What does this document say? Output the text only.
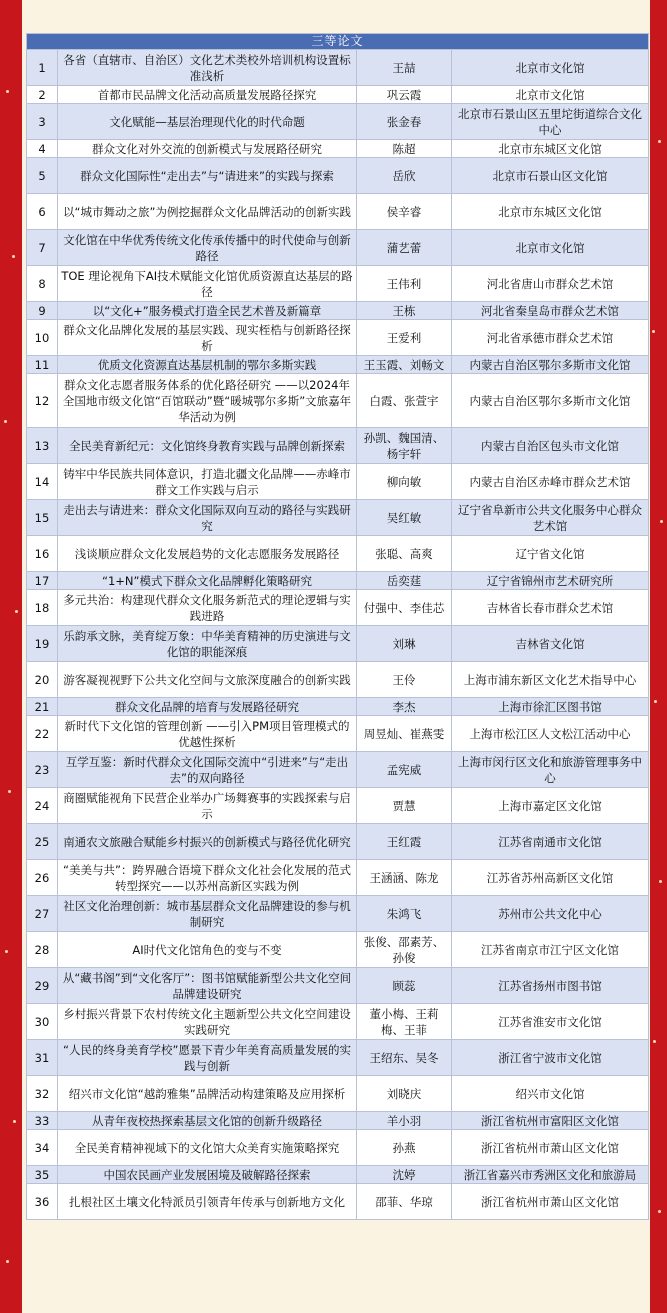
三等论文			
1	各省（直辖市、自治区）文化艺术类校外培训机构设置标准浅析	王喆	北京市文化馆
2	首都市民品牌文化活动高质量发展路径探究	巩云霞	北京市文化馆
3	文化赋能—基层治理现代化的时代命题	张金春	北京市石景山区五里坨街道综合文化中心
4	群众文化对外交流的创新模式与发展路径研究	陈超	北京市东城区文化馆
5	群众文化国际性“走出去”与“请进来”的实践与探索	岳欣	北京市石景山区文化馆
6	以“城市舞动之旅”为例挖掘群众文化品牌活动的创新实践	侯辛睿	北京市东城区文化馆
7	文化馆在中华优秀传统文化传承传播中的时代使命与创新路径	蒲艺蕾	北京市文化馆
8	TOE 理论视角下AI技术赋能文化馆优质资源直达基层的路径	王伟利	河北省唐山市群众艺术馆
9	以“文化+”服务模式打造全民艺术普及新篇章	王栋	河北省秦皇岛市群众艺术馆
10	群众文化品牌化发展的基层实践、现实桎梏与创新路径探析	王爱利	河北省承德市群众艺术馆
11	优质文化资源直达基层机制的鄂尔多斯实践	王玉霞、刘畅文	内蒙古自治区鄂尔多斯市文化馆
12	群众文化志愿者服务体系的优化路径研究 ——以2024年全国地市级文化馆“百馆联动”暨“暖城鄂尔多斯”文旅嘉年华活动为例	白霞、张萱宇	内蒙古自治区鄂尔多斯市文化馆
13	全民美育新纪元：文化馆终身教育实践与品牌创新探索	孙凯、魏国清、杨宇轩	内蒙古自治区包头市文化馆
14	铸牢中华民族共同体意识，打造北疆文化品牌——赤峰市群文工作实践与启示	柳向敏	内蒙古自治区赤峰市群众艺术馆
15	走出去与请进来：群众文化国际双向互动的路径与实践研究	吴红敏	辽宁省阜新市公共文化服务中心群众艺术馆
16	浅谈顺应群众文化发展趋势的文化志愿服务发展路径	张聪、高爽	辽宁省文化馆
17	“1+N”模式下群众文化品牌孵化策略研究	岳奕莛	辽宁省锦州市艺术研究所
18	多元共治：构建现代群众文化服务新范式的理论逻辑与实践进路	付强中、李佳芯	吉林省长春市群众艺术馆
19	乐韵承文脉，美育绽万象：中华美育精神的历史演进与文化馆的职能深痕	刘琳	吉林省文化馆
20	游客凝视视野下公共文化空间与文旅深度融合的创新实践	王伶	上海市浦东新区文化艺术指导中心
21	群众文化品牌的培育与发展路径研究	李杰	上海市徐汇区图书馆
22	新时代下文化馆的管理创新 ——引入PM项目管理模式的优越性探析	周昱灿、崔燕雯	上海市松江区人文松江活动中心
23	互学互鉴：新时代群众文化国际交流中“引进来”与“走出去”的双向路径	孟宪威	上海市闵行区文化和旅游管理事务中心
24	商圈赋能视角下民营企业举办广场舞赛事的实践探索与启示	贾慧	上海市嘉定区文化馆
25	南通农文旅融合赋能乡村振兴的创新模式与路径优化研究	王红霞	江苏省南通市文化馆
26	“美美与共”：跨界融合语境下群众文化社会化发展的范式转型探究——以苏州高新区实践为例	王涵涵、陈龙	江苏省苏州高新区文化馆
27	社区文化治理创新：城市基层群众文化品牌建设的参与机制研究	朱鸿飞	苏州市公共文化中心
28	AI时代文化馆角色的变与不变	张俊、邵素芳、孙俊	江苏省南京市江宁区文化馆
29	从“藏书阁”到“文化客厅”：图书馆赋能新型公共文化空间品牌建设研究	顾蕊	江苏省扬州市图书馆
30	乡村振兴背景下农村传统文化主题新型公共文化空间建设实践研究	董小梅、王莉梅、王菲	江苏省淮安市文化馆
31	“人民的终身美育学校”愿景下青少年美育高质量发展的实践与创新	王绍东、吴冬	浙江省宁波市文化馆
32	绍兴市文化馆“越韵雅集”品牌活动构建策略及应用探析	刘晓庆	绍兴市文化馆
33	从青年夜校热探索基层文化馆的创新升级路径	羊小羽	浙江省杭州市富阳区文化馆
34	全民美育精神视域下的文化馆大众美育实施策略探究	孙燕	浙江省杭州市萧山区文化馆
35	中国农民画产业发展困境及破解路径探索	沈婷	浙江省嘉兴市秀洲区文化和旅游局
36	扎根社区土壤文化特派员引领青年传承与创新地方文化	邵菲、华琼	浙江省杭州市萧山区文化馆
